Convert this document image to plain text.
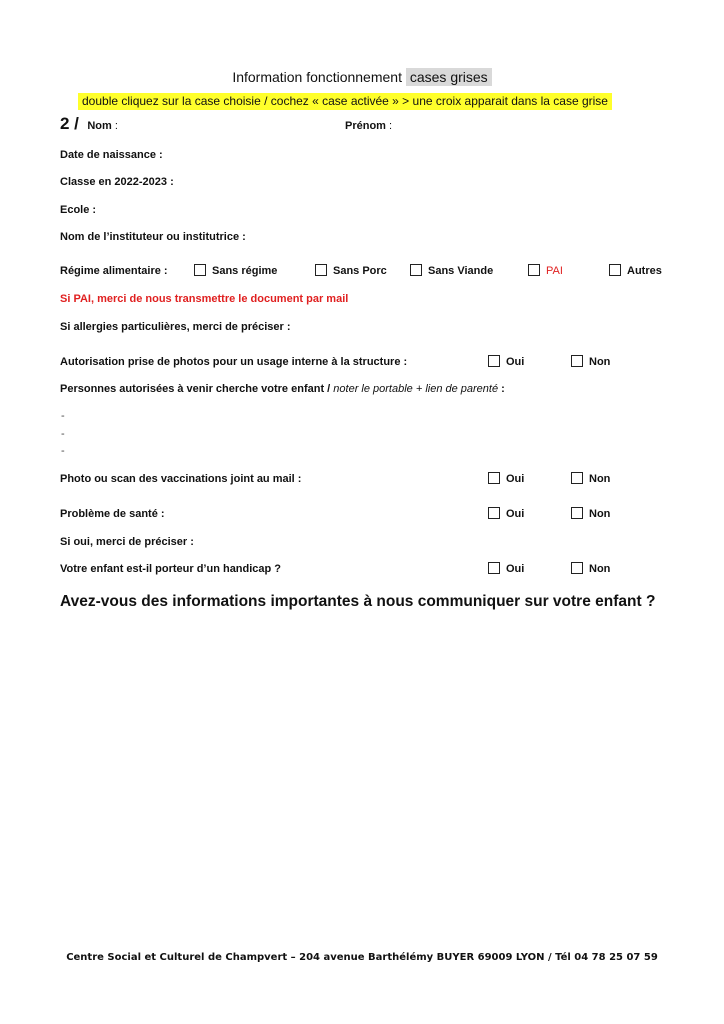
Information fonctionnement cases grises
double cliquez sur la case choisie / cochez « case activée » > une croix apparait dans la case grise
2 / Nom :	Prénom :
Date de naissance :
Classe en 2022-2023 :
Ecole :
Nom de l’instituteur ou institutrice :
Régime alimentaire :	Sans régime	Sans Porc	Sans Viande	PAI	Autres
Si PAI, merci de nous transmettre le document par mail
Si allergies particulières, merci de préciser :
Autorisation prise de photos pour un usage interne à la structure :	Oui	Non
Personnes autorisées à venir cherche votre enfant / noter le portable + lien de parenté :
-
-
-
Photo ou scan des vaccinations joint au mail :	Oui	Non
Problème de santé :	Oui	Non
Si oui, merci de préciser :
Votre enfant est-il porteur d’un handicap ?	Oui	Non
Avez-vous des informations importantes à nous communiquer sur votre enfant ?
Centre Social et Culturel de Champvert – 204 avenue Barthélémy BUYER 69009 LYON / Tél 04 78 25 07 59
